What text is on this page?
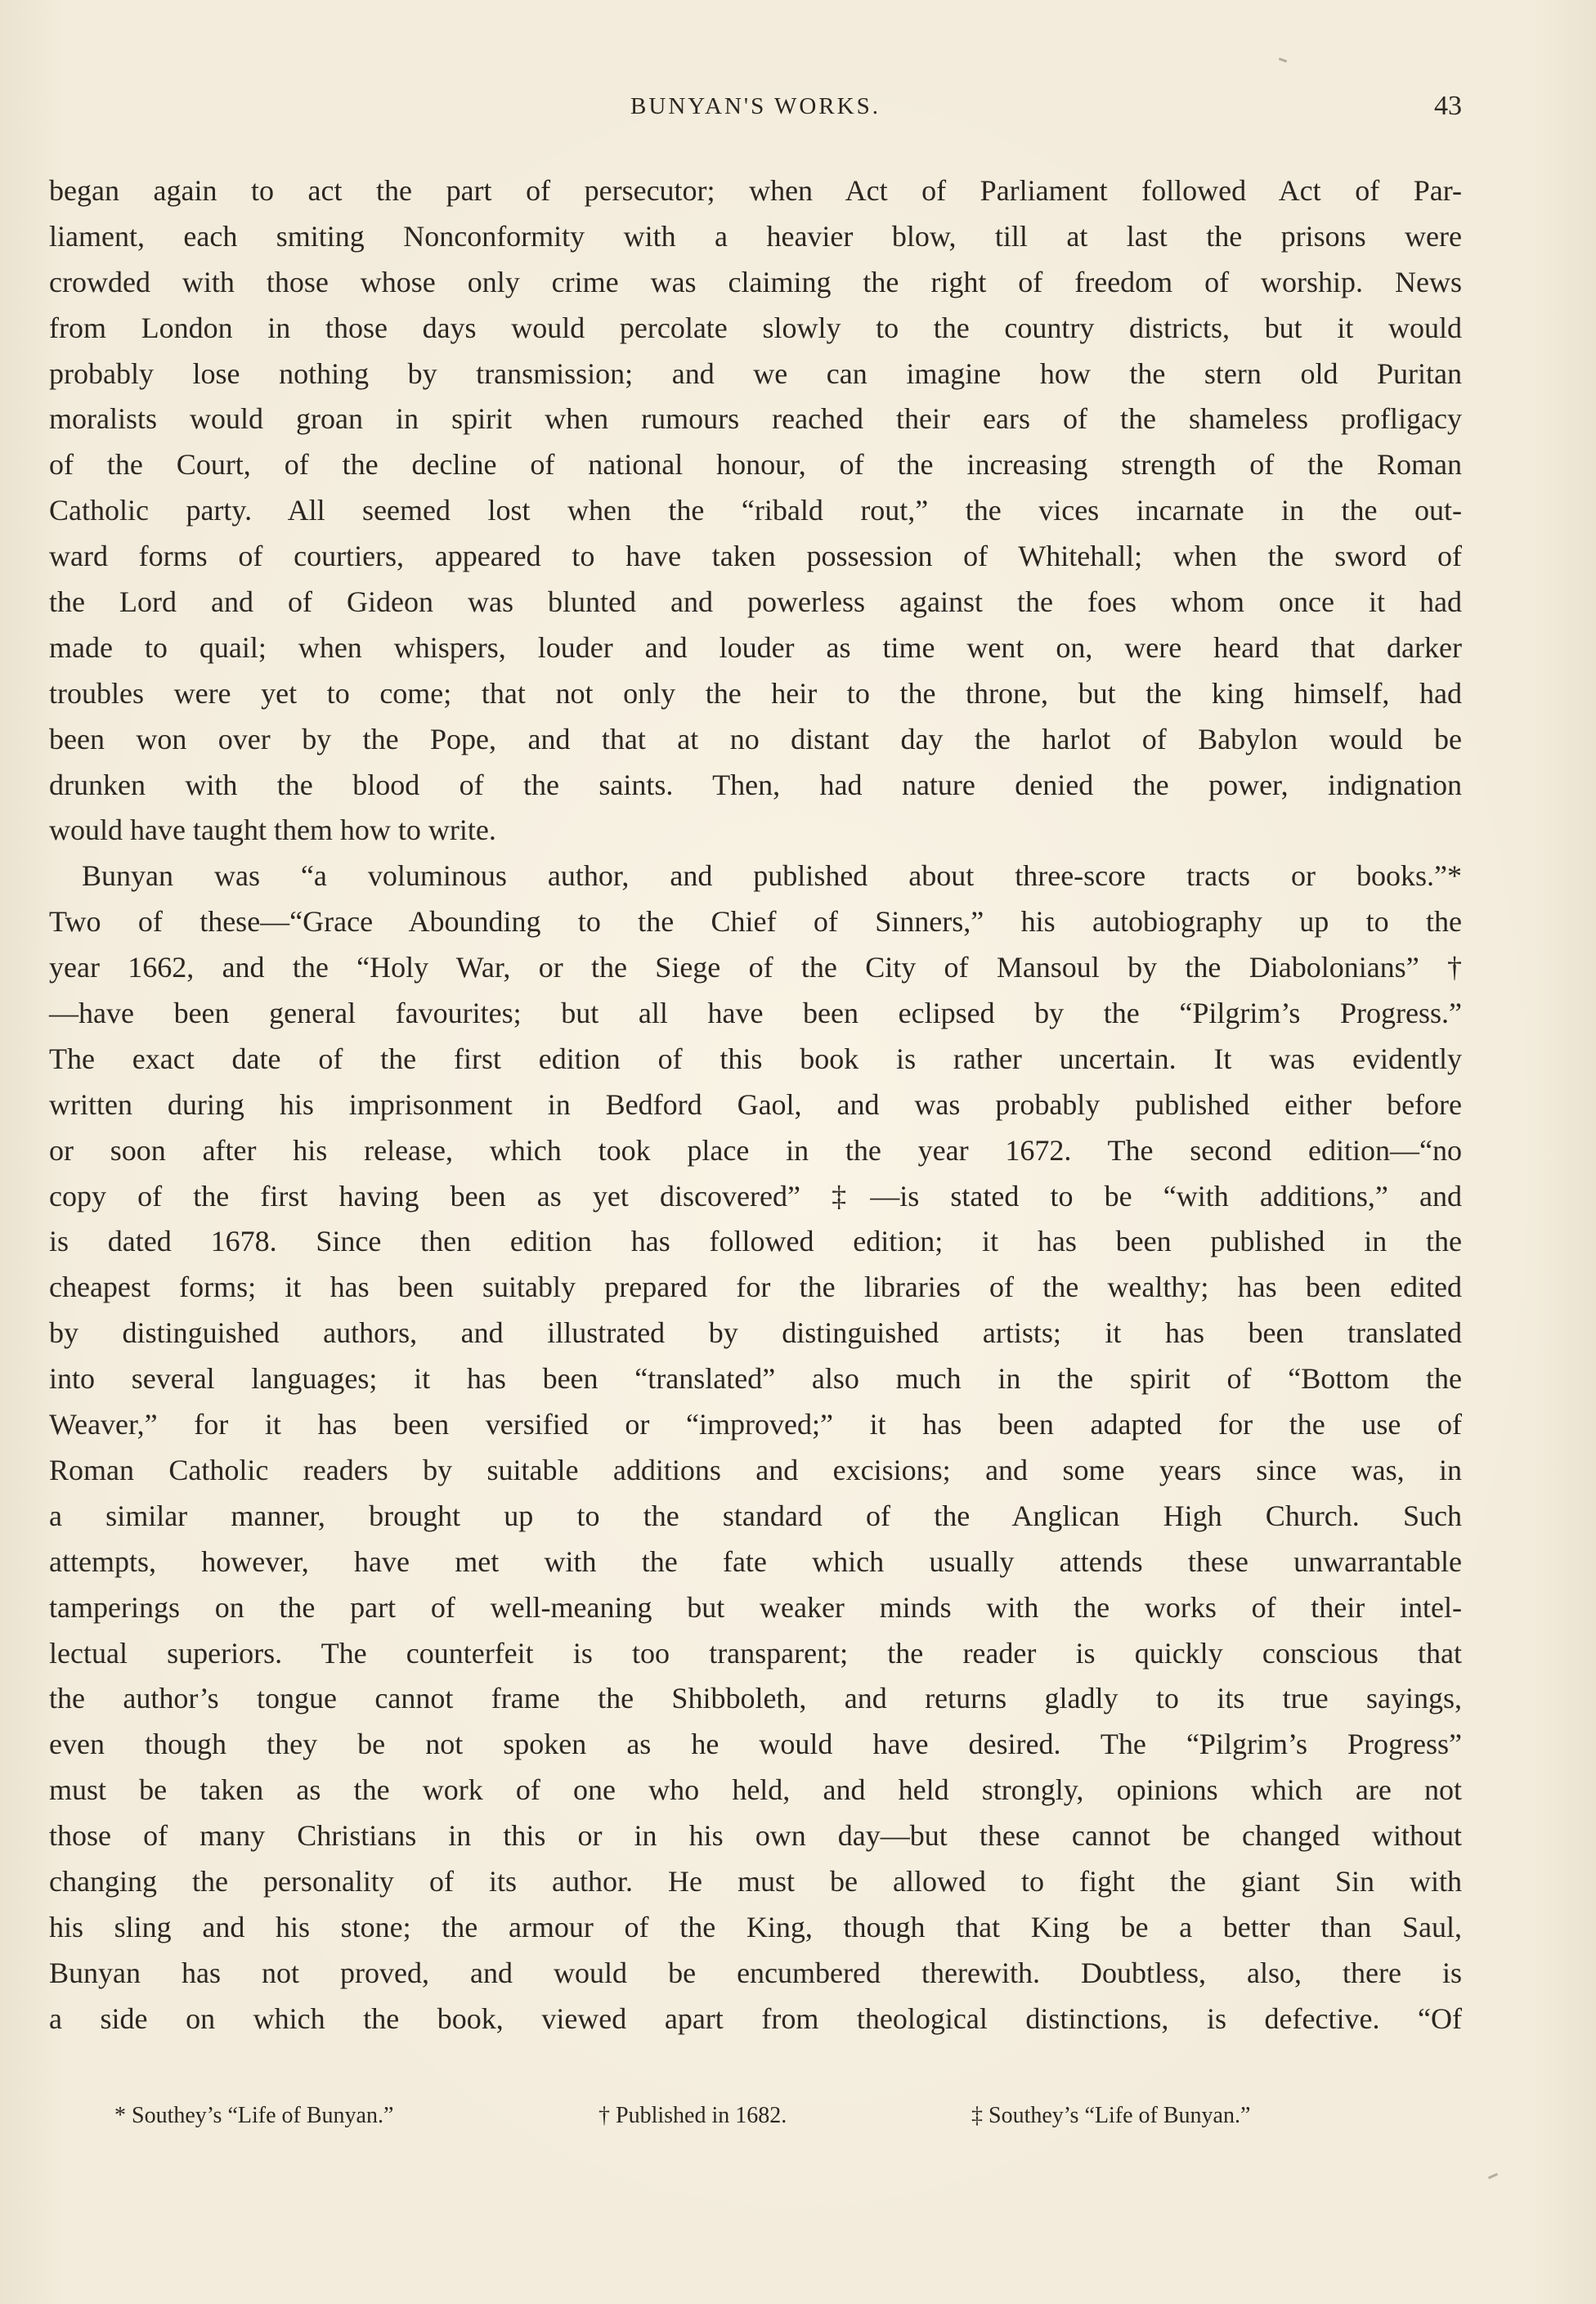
BUNYAN'S WORKS.	43
began again to act the part of persecutor; when Act of Parliament followed Act of Par-
liament, each smiting Nonconformity with a heavier blow, till at last the prisons were
crowded with those whose only crime was claiming the right of freedom of worship. News
from London in those days would percolate slowly to the country districts, but it would
probably lose nothing by transmission; and we can imagine how the stern old Puritan
moralists would groan in spirit when rumours reached their ears of the shameless profligacy
of the Court, of the decline of national honour, of the increasing strength of the Roman
Catholic party. All seemed lost when the “ribald rout,” the vices incarnate in the out-
ward forms of courtiers, appeared to have taken possession of Whitehall; when the sword of
the Lord and of Gideon was blunted and powerless against the foes whom once it had
made to quail; when whispers, louder and louder as time went on, were heard that darker
troubles were yet to come; that not only the heir to the throne, but the king himself, had
been won over by the Pope, and that at no distant day the harlot of Babylon would be
drunken with the blood of the saints. Then, had nature denied the power, indignation
would have taught them how to write.
Bunyan was “a voluminous author, and published about three-score tracts or books.”*
Two of these—“Grace Abounding to the Chief of Sinners,” his autobiography up to the
year 1662, and the “Holy War, or the Siege of the City of Mansoul by the Diabolonians” †
—have been general favourites; but all have been eclipsed by the “Pilgrim’s Progress.”
The exact date of the first edition of this book is rather uncertain. It was evidently
written during his imprisonment in Bedford Gaol, and was probably published either before
or soon after his release, which took place in the year 1672. The second edition—“no
copy of the first having been as yet discovered” ‡—is stated to be “with additions,” and
is dated 1678. Since then edition has followed edition; it has been published in the
cheapest forms; it has been suitably prepared for the libraries of the wealthy; has been edited
by distinguished authors, and illustrated by distinguished artists; it has been translated
into several languages; it has been “translated” also much in the spirit of “Bottom the
Weaver,” for it has been versified or “improved;” it has been adapted for the use of
Roman Catholic readers by suitable additions and excisions; and some years since was, in
a similar manner, brought up to the standard of the Anglican High Church. Such
attempts, however, have met with the fate which usually attends these unwarrantable
tamperings on the part of well-meaning but weaker minds with the works of their intel-
lectual superiors. The counterfeit is too transparent; the reader is quickly conscious that
the author’s tongue cannot frame the Shibboleth, and returns gladly to its true sayings,
even though they be not spoken as he would have desired. The “Pilgrim’s Progress”
must be taken as the work of one who held, and held strongly, opinions which are not
those of many Christians in this or in his own day—but these cannot be changed without
changing the personality of its author. He must be allowed to fight the giant Sin with
his sling and his stone; the armour of the King, though that King be a better than Saul,
Bunyan has not proved, and would be encumbered therewith. Doubtless, also, there is
a side on which the book, viewed apart from theological distinctions, is defective. “Of
* Southey’s “Life of Bunyan.”	† Published in 1682.	‡ Southey’s “Life of Bunyan.”
